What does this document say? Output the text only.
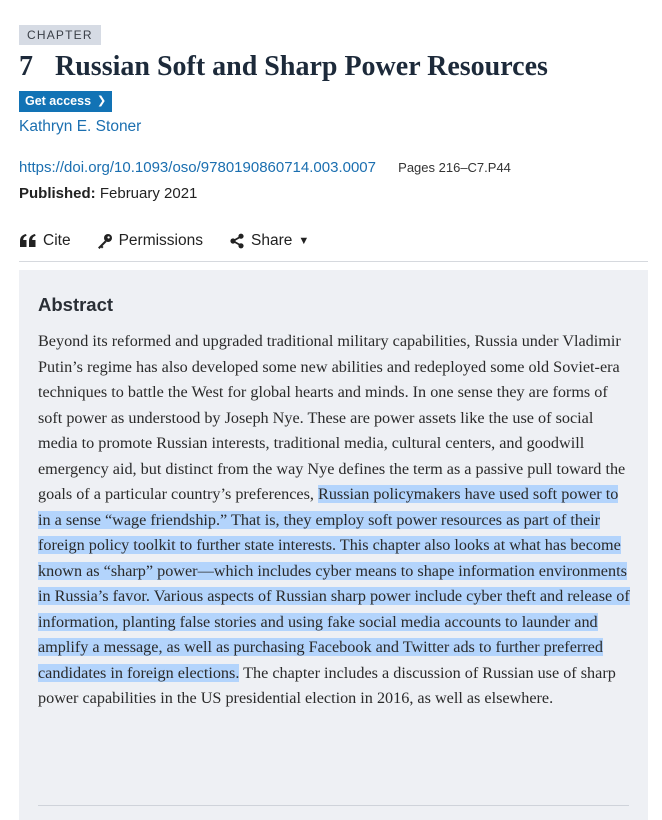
CHAPTER
7 Russian Soft and Sharp Power Resources
Get access ❯
Kathryn E. Stoner
https://doi.org/10.1093/oso/9780190860714.003.0007 Pages 216–C7.P44
Published: February 2021
Cite	Permissions	Share ▼
Abstract
Beyond its reformed and upgraded traditional military capabilities, Russia under Vladimir Putin’s regime has also developed some new abilities and redeployed some old Soviet-era techniques to battle the West for global hearts and minds. In one sense they are forms of soft power as understood by Joseph Nye. These are power assets like the use of social media to promote Russian interests, traditional media, cultural centers, and goodwill emergency aid, but distinct from the way Nye defines the term as a passive pull toward the goals of a particular country’s preferences, Russian policymakers have used soft power to in a sense “wage friendship.” That is, they employ soft power resources as part of their foreign policy toolkit to further state interests. This chapter also looks at what has become known as “sharp” power—which includes cyber means to shape information environments in Russia’s favor. Various aspects of Russian sharp power include cyber theft and release of information, planting false stories and using fake social media accounts to launder and amplify a message, as well as purchasing Facebook and Twitter ads to further preferred candidates in foreign elections. The chapter includes a discussion of Russian use of sharp power capabilities in the US presidential election in 2016, as well as elsewhere.
